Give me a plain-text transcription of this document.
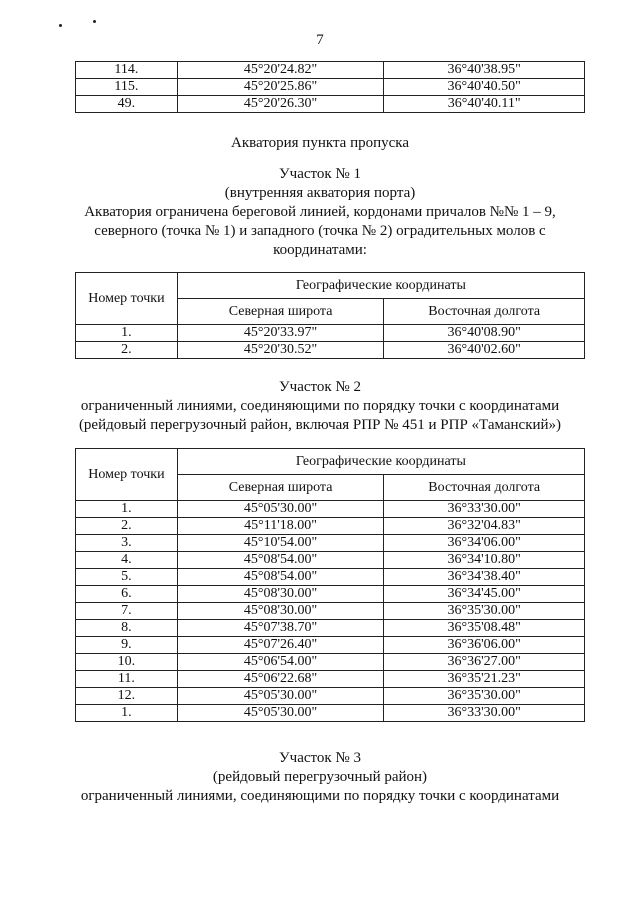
7
114.	45°20'24.82"	36°40'38.95"
115.	45°20'25.86"	36°40'40.50"
49.	45°20'26.30"	36°40'40.11"
Акватория пункта пропуска
Участок № 1
(внутренняя акватория порта)
Акватория ограничена береговой линией, кордонами причалов №№ 1 – 9,
северного (точка № 1) и западного (точка № 2) оградительных молов с
координатами:
Номер точки	Географические координаты	
	Северная широта	Восточная долгота
1.	45°20'33.97"	36°40'08.90"
2.	45°20'30.52"	36°40'02.60"
Участок № 2
ограниченный линиями, соединяющими по порядку точки с координатами
(рейдовый перегрузочный район, включая РПР № 451 и РПР «Таманский»)
Номер точки	Географические координаты	
	Северная широта	Восточная долгота
1.	45°05'30.00"	36°33'30.00"
2.	45°11'18.00"	36°32'04.83"
3.	45°10'54.00"	36°34'06.00"
4.	45°08'54.00"	36°34'10.80"
5.	45°08'54.00"	36°34'38.40"
6.	45°08'30.00"	36°34'45.00"
7.	45°08'30.00"	36°35'30.00"
8.	45°07'38.70"	36°35'08.48"
9.	45°07'26.40"	36°36'06.00"
10.	45°06'54.00"	36°36'27.00"
11.	45°06'22.68"	36°35'21.23"
12.	45°05'30.00"	36°35'30.00"
1.	45°05'30.00"	36°33'30.00"
Участок № 3
(рейдовый перегрузочный район)
ограниченный линиями, соединяющими по порядку точки с координатами
